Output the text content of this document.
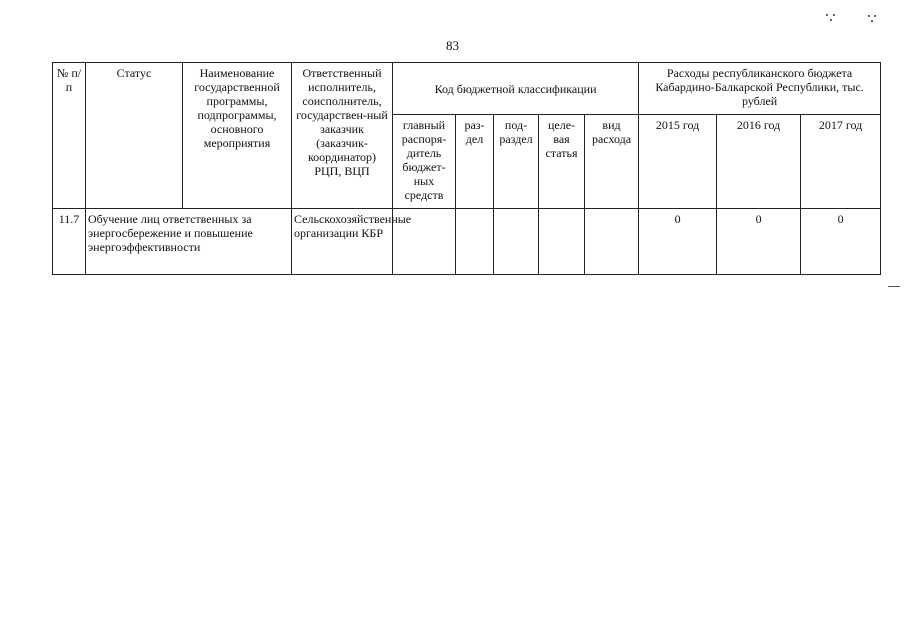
83
№ п/п	Статус	Наименование государственной программы, подпрограммы, основного мероприятия	Ответственный исполнитель, соисполнитель, государствен-ный заказчик (заказчик-координатор) РЦП, ВЦП	Код бюджетной классификации					Расходы республиканского бюджета Кабардино-Балкарской Республики, тыс. рублей		
				главный распоря-дитель бюджет-ных средств	раз-дел	под-раздел	целе-вая статья	вид расхода	2015 год	2016 год	2017 год
11.7	Обучение лиц ответственных за энергосбережение и повышение энергоэффективности		Сельскохозяйственные организации КБР						0	0	0
